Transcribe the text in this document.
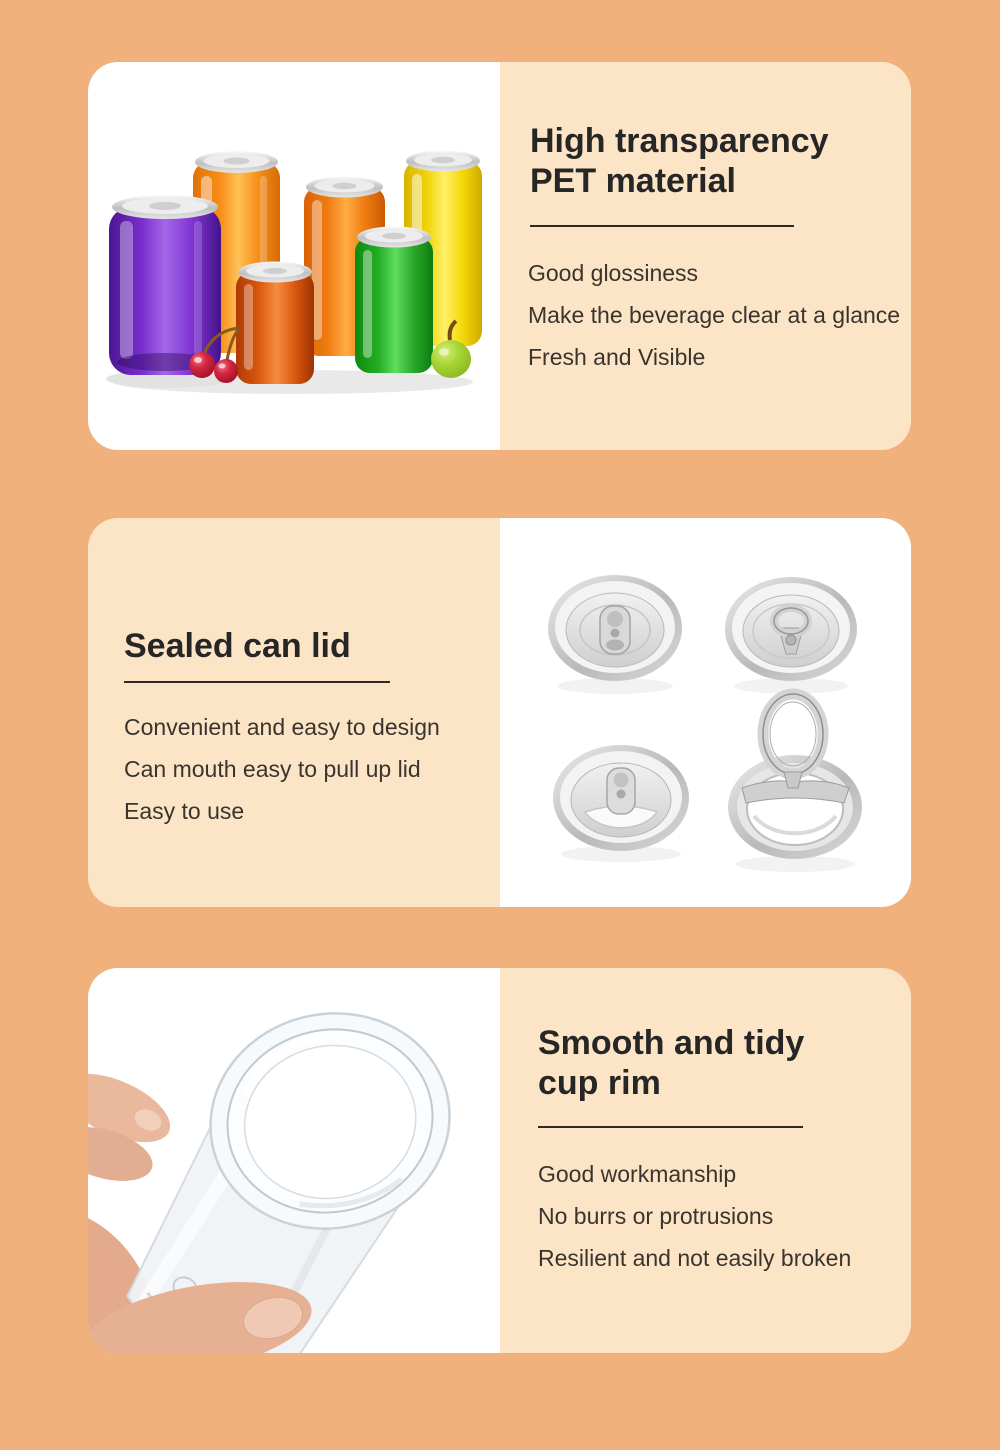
High transparency
PET material
Good glossiness
Make the beverage clear at a glance
Fresh and Visible
Sealed can lid
Convenient and easy to design
Can mouth easy to pull up lid
Easy to use
Smooth and tidy
cup rim
Good workmanship
No burrs or protrusions
Resilient and not easily broken
